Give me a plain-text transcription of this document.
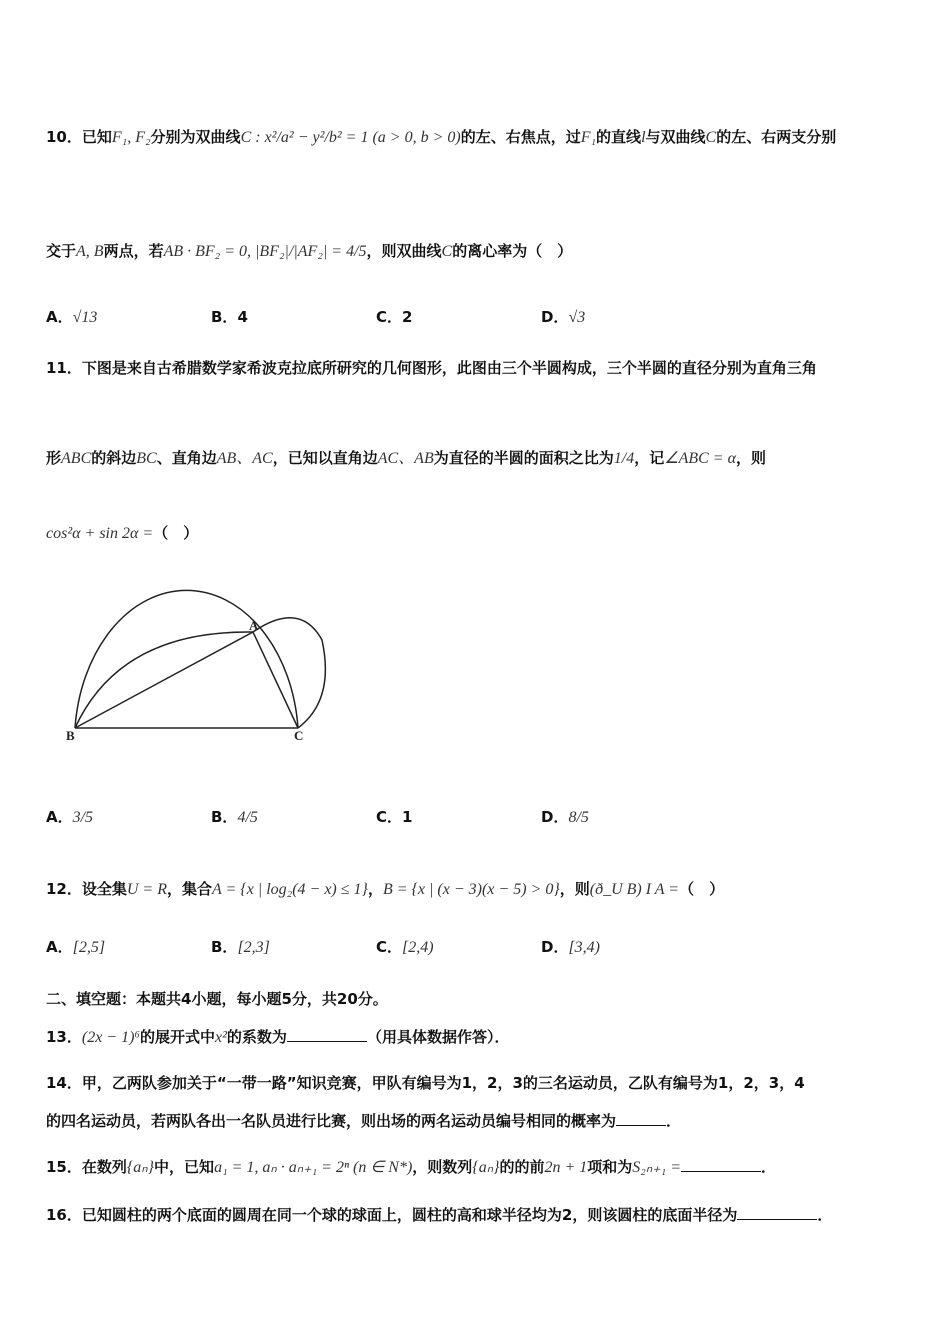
10．已知F₁, F₂分别为双曲线C : x²/a² − y²/b² = 1 (a > 0, b > 0)的左、右焦点，过F₁的直线l与双曲线C的左、右两支分别
交于A, B两点，若AB · BF₂ = 0, |BF₂|/|AF₂| = 4/5，则双曲线C的离心率为（　）
A．√13	B．4	C．2	D．√3
11．下图是来自古希腊数学家希波克拉底所研究的几何图形，此图由三个半圆构成，三个半圆的直径分别为直角三角
形ABC的斜边BC、直角边AB、AC，已知以直角边AC、AB为直径的半圆的面积之比为1/4，记∠ABC = α，则
cos²α + sin 2α =（　）
A
B	C
A．3/5	B．4/5	C．1	D．8/5
12．设全集U = R，集合A = {x | log₂(4 − x) ≤ 1}，B = {x | (x − 3)(x − 5) > 0}，则(ð_U B) I A =（　）
A．[2,5]	B．[2,3]	C．[2,4)	D．[3,4)
二、填空题：本题共4小题，每小题5分，共20分。
13．(2x − 1)⁶的展开式中x²的系数为	（用具体数据作答）．
14．甲，乙两队参加关于“一带一路”知识竞赛，甲队有编号为1，2，3的三名运动员，乙队有编号为1，2，3，4
的四名运动员，若两队各出一名队员进行比赛，则出场的两名运动员编号相同的概率为	．
15．在数列{aₙ}中，已知a₁ = 1, aₙ · aₙ₊₁ = 2ⁿ (n ∈ N*)，则数列{aₙ}的的前2n + 1项和为S₂ₙ₊₁ =	．
16．已知圆柱的两个底面的圆周在同一个球的球面上，圆柱的高和球半径均为2，则该圆柱的底面半径为	．
